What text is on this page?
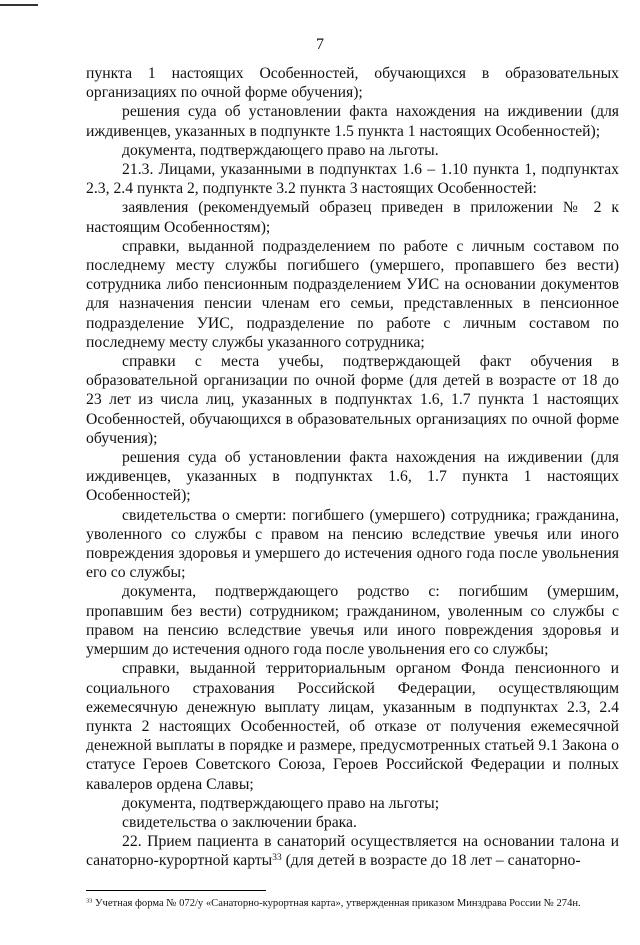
7

пункта 1 настоящих Особенностей, обучающихся в образовательных организациях по очной форме обучения);

решения суда об установлении факта нахождения на иждивении (для иждивенцев, указанных в подпункте 1.5 пункта 1 настоящих Особенностей);

документа, подтверждающего право на льготы.

21.3. Лицами, указанными в подпунктах 1.6 – 1.10 пункта 1, подпунктах 2.3, 2.4 пункта 2, подпункте 3.2 пункта 3 настоящих Особенностей:

заявления (рекомендуемый образец приведен в приложении № 2 к настоящим Особенностям);

справки, выданной подразделением по работе с личным составом по последнему месту службы погибшего (умершего, пропавшего без вести) сотрудника либо пенсионным подразделением УИС на основании документов для назначения пенсии членам его семьи, представленных в пенсионное подразделение УИС, подразделение по работе с личным составом по последнему месту службы указанного сотрудника;

справки с места учебы, подтверждающей факт обучения в образовательной организации по очной форме (для детей в возрасте от 18 до 23 лет из числа лиц, указанных в подпунктах 1.6, 1.7 пункта 1 настоящих Особенностей, обучающихся в образовательных организациях по очной форме обучения);

решения суда об установлении факта нахождения на иждивении (для иждивенцев, указанных в подпунктах 1.6, 1.7 пункта 1 настоящих Особенностей);

свидетельства о смерти: погибшего (умершего) сотрудника; гражданина, уволенного со службы с правом на пенсию вследствие увечья или иного повреждения здоровья и умершего до истечения одного года после увольнения его со службы;

документа, подтверждающего родство с: погибшим (умершим, пропавшим без вести) сотрудником; гражданином, уволенным со службы с правом на пенсию вследствие увечья или иного повреждения здоровья и умершим до истечения одного года после увольнения его со службы;

справки, выданной территориальным органом Фонда пенсионного и социального страхования Российской Федерации, осуществляющим ежемесячную денежную выплату лицам, указанным в подпунктах 2.3, 2.4 пункта 2 настоящих Особенностей, об отказе от получения ежемесячной денежной выплаты в порядке и размере, предусмотренных статьей 9.1 Закона о статусе Героев Советского Союза, Героев Российской Федерации и полных кавалеров ордена Славы;

документа, подтверждающего право на льготы;

свидетельства о заключении брака.

22. Прием пациента в санаторий осуществляется на основании талона и санаторно-курортной карты$^{33}$ (для детей в возрасте до 18 лет – санаторно-

$^{33}$ Учетная форма № 072/у «Санаторно-курортная карта», утвержденная приказом Минздрава России № 274н.
